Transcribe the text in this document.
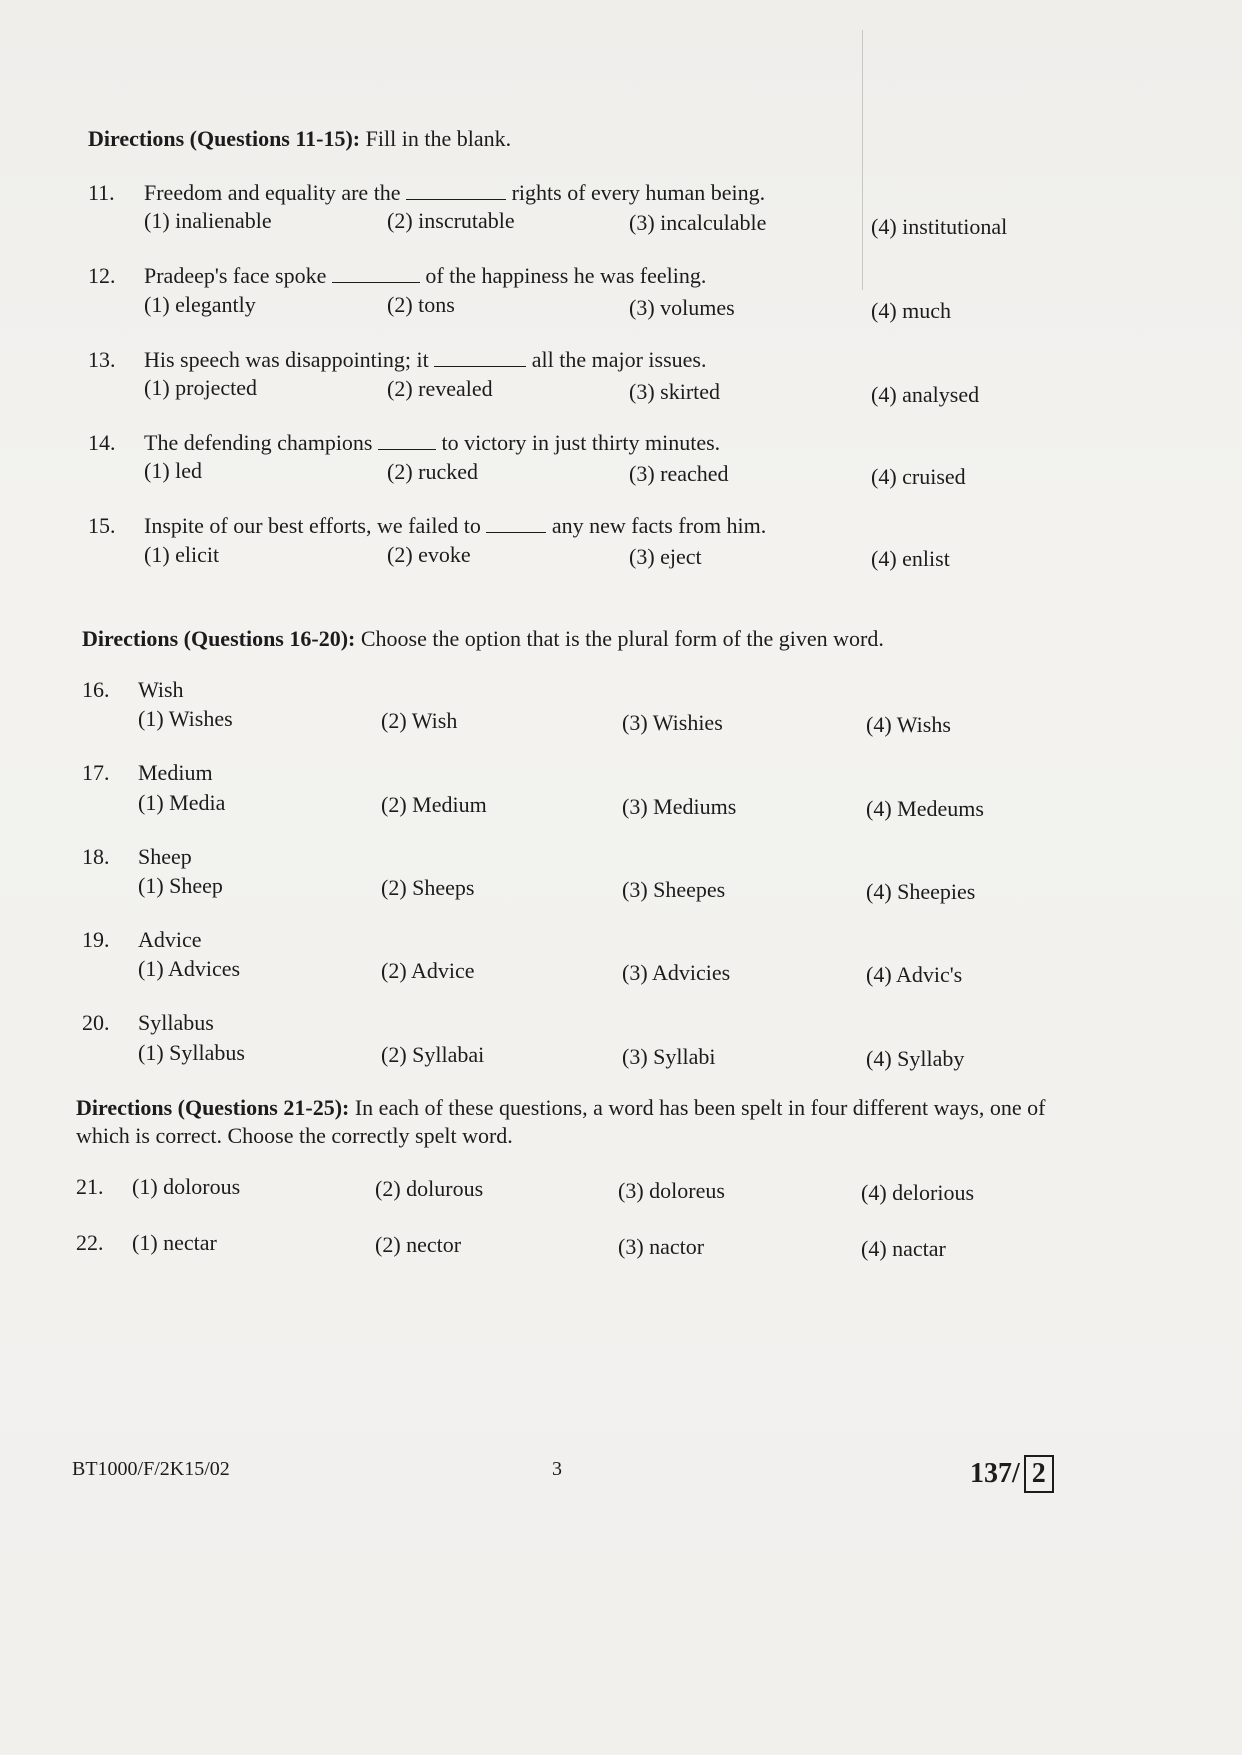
Directions (Questions 11-15): Fill in the blank.
11. Freedom and equality are the	rights of every human being.
(1) inalienable	(2) inscrutable	(3) incalculable	(4) institutional
12. Pradeep's face spoke	of the happiness he was feeling.
(1) elegantly	(2) tons	(3) volumes	(4) much
13. His speech was disappointing; it	all the major issues.
(1) projected	(2) revealed	(3) skirted	(4) analysed
14. The defending champions	to victory in just thirty minutes.
(1) led	(2) rucked	(3) reached	(4) cruised
15. Inspite of our best efforts, we failed to	any new facts from him.
(1) elicit	(2) evoke	(3) eject	(4) enlist
Directions (Questions 16-20): Choose the option that is the plural form of the given word.
16. Wish
(1) Wishes	(2) Wish	(3) Wishies	(4) Wishs
17. Medium
(1) Media	(2) Medium	(3) Mediums	(4) Medeums
18. Sheep
(1) Sheep	(2) Sheeps	(3) Sheepes	(4) Sheepies
19. Advice
(1) Advices	(2) Advice	(3) Advicies	(4) Advic's
20. Syllabus
(1) Syllabus	(2) Syllabai	(3) Syllabi	(4) Syllaby
Directions (Questions 21-25): In each of these questions, a word has been spelt in four different ways, one of which is correct. Choose the correctly spelt word.
21.	(1) dolorous	(2) dolurous	(3) doloreus	(4) delorious
22.	(1) nectar	(2) nector	(3) nactor	(4) nactar
BT1000/F/2K15/02	3	137/ 2
